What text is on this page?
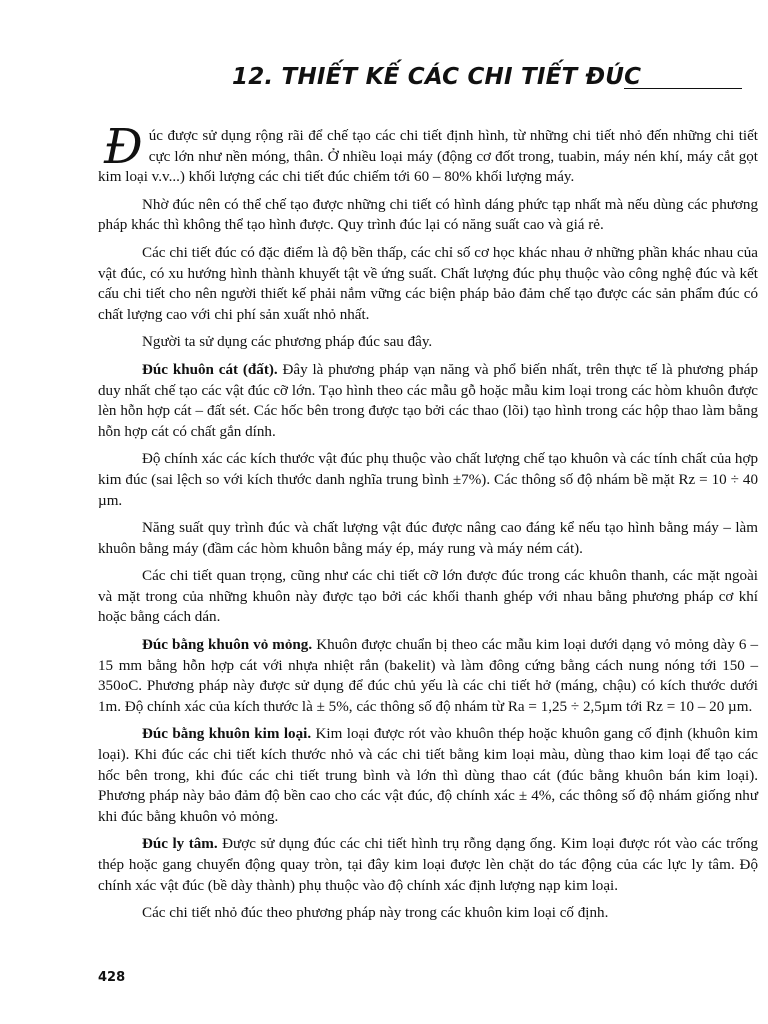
12. THIẾT KẾ CÁC CHI TIẾT ĐÚC

Đúc được sử dụng rộng rãi để chế tạo các chi tiết định hình, từ những chi tiết nhỏ đến những chi tiết cực lớn như nền móng, thân. Ở nhiều loại máy (động cơ đốt trong, tuabin, máy nén khí, máy cắt gọt kim loại v.v...) khối lượng các chi tiết đúc chiếm tới 60 – 80% khối lượng máy.

Nhờ đúc nên có thể chế tạo được những chi tiết có hình dáng phức tạp nhất mà nếu dùng các phương pháp khác thì không thể tạo hình được. Quy trình đúc lại có năng suất cao và giá rẻ.

Các chi tiết đúc có đặc điểm là độ bền thấp, các chỉ số cơ học khác nhau ở những phần khác nhau của vật đúc, có xu hướng hình thành khuyết tật về ứng suất. Chất lượng đúc phụ thuộc vào công nghệ đúc và kết cấu chi tiết cho nên người thiết kế phải nắm vững các biện pháp bảo đảm chế tạo được các sản phẩm đúc có chất lượng cao với chi phí sản xuất nhỏ nhất.

Người ta sử dụng các phương pháp đúc sau đây.

Đúc khuôn cát (đất). Đây là phương pháp vạn năng và phổ biến nhất, trên thực tế là phương pháp duy nhất chế tạo các vật đúc cỡ lớn. Tạo hình theo các mẫu gỗ hoặc mẫu kim loại trong các hòm khuôn được lèn hỗn hợp cát – đất sét. Các hốc bên trong được tạo bởi các thao (lõi) tạo hình trong các hộp thao làm bằng hỗn hợp cát có chất gắn dính.

Độ chính xác các kích thước vật đúc phụ thuộc vào chất lượng chế tạo khuôn và các tính chất của hợp kim đúc (sai lệch so với kích thước danh nghĩa trung bình ±7%). Các thông số độ nhám bề mặt Rz = 10 ÷ 40 µm.

Năng suất quy trình đúc và chất lượng vật đúc được nâng cao đáng kể nếu tạo hình bằng máy – làm khuôn bằng máy (đầm các hòm khuôn bằng máy ép, máy rung và máy ném cát).

Các chi tiết quan trọng, cũng như các chi tiết cỡ lớn được đúc trong các khuôn thanh, các mặt ngoài và mặt trong của những khuôn này được tạo bởi các khối thanh ghép với nhau bằng phương pháp cơ khí hoặc bằng cách dán.

Đúc bằng khuôn vỏ mỏng. Khuôn được chuẩn bị theo các mẫu kim loại dưới dạng vỏ mỏng dày 6 – 15 mm bằng hỗn hợp cát với nhựa nhiệt rắn (bakelit) và làm đông cứng bằng cách nung nóng tới 150 – 350oC. Phương pháp này được sử dụng để đúc chủ yếu là các chi tiết hở (máng, chậu) có kích thước dưới 1m. Độ chính xác của kích thước là ± 5%, các thông số độ nhám từ Ra = 1,25 ÷ 2,5µm tới Rz = 10 – 20 µm.

Đúc bằng khuôn kim loại. Kim loại được rót vào khuôn thép hoặc khuôn gang cố định (khuôn kim loại). Khi đúc các chi tiết kích thước nhỏ và các chi tiết bằng kim loại màu, dùng thao kim loại để tạo các hốc bên trong, khi đúc các chi tiết trung bình và lớn thì dùng thao cát (đúc bằng khuôn bán kim loại). Phương pháp này bảo đảm độ bền cao cho các vật đúc, độ chính xác ± 4%, các thông số độ nhám giống như khi đúc bằng khuôn vỏ mỏng.

Đúc ly tâm. Được sử dụng đúc các chi tiết hình trụ rỗng dạng ống. Kim loại được rót vào các trống thép hoặc gang chuyển động quay tròn, tại đây kim loại được lèn chặt do tác động của các lực ly tâm. Độ chính xác vật đúc (bề dày thành) phụ thuộc vào độ chính xác định lượng nạp kim loại.

Các chi tiết nhỏ đúc theo phương pháp này trong các khuôn kim loại cố định.

428
